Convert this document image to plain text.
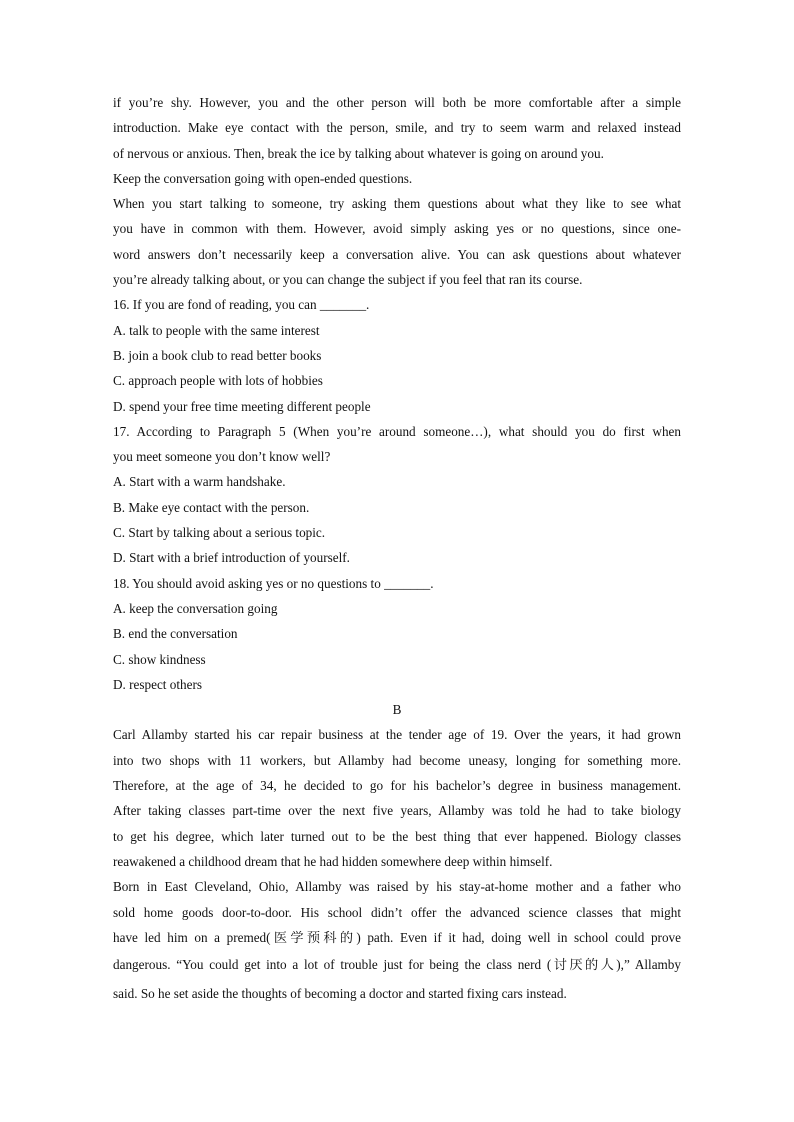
if you’re shy. However, you and the other person will both be more comfortable after a simple
introduction. Make eye contact with the person, smile, and try to seem warm and relaxed instead
of nervous or anxious. Then, break the ice by talking about whatever is going on around you.
Keep the conversation going with open-ended questions.
When you start talking to someone, try asking them questions about what they like to see what
you have in common with them. However, avoid simply asking yes or no questions, since one-
word answers don’t necessarily keep a conversation alive. You can ask questions about whatever
you’re already talking about, or you can change the subject if you feel that ran its course.
16. If you are fond of reading, you can _______.
A. talk to people with the same interest
B. join a book club to read better books
C. approach people with lots of hobbies
D. spend your free time meeting different people
17. According to Paragraph 5 (When you’re around someone…), what should you do first when
you meet someone you don’t know well?
A. Start with a warm handshake.
B. Make eye contact with the person.
C. Start by talking about a serious topic.
D. Start with a brief introduction of yourself.
18. You should avoid asking yes or no questions to _______.
A. keep the conversation going
B. end the conversation
C. show kindness
D. respect others
B
Carl Allamby started his car repair business at the tender age of 19. Over the years, it had grown
into two shops with 11 workers, but Allamby had become uneasy, longing for something more.
Therefore, at the age of 34, he decided to go for his bachelor’s degree in business management.
After taking classes part-time over the next five years, Allamby was told he had to take biology
to get his degree, which later turned out to be the best thing that ever happened. Biology classes
reawakened a childhood dream that he had hidden somewhere deep within himself.
Born in East Cleveland, Ohio, Allamby was raised by his stay-at-home mother and a father who
sold home goods door-to-door. His school didn’t offer the advanced science classes that might
have led him on a premed(医学预科的) path. Even if it had, doing well in school could prove
dangerous. “You could get into a lot of trouble just for being the class nerd (讨厌的人),” Allamby
said. So he set aside the thoughts of becoming a doctor and started fixing cars instead.
